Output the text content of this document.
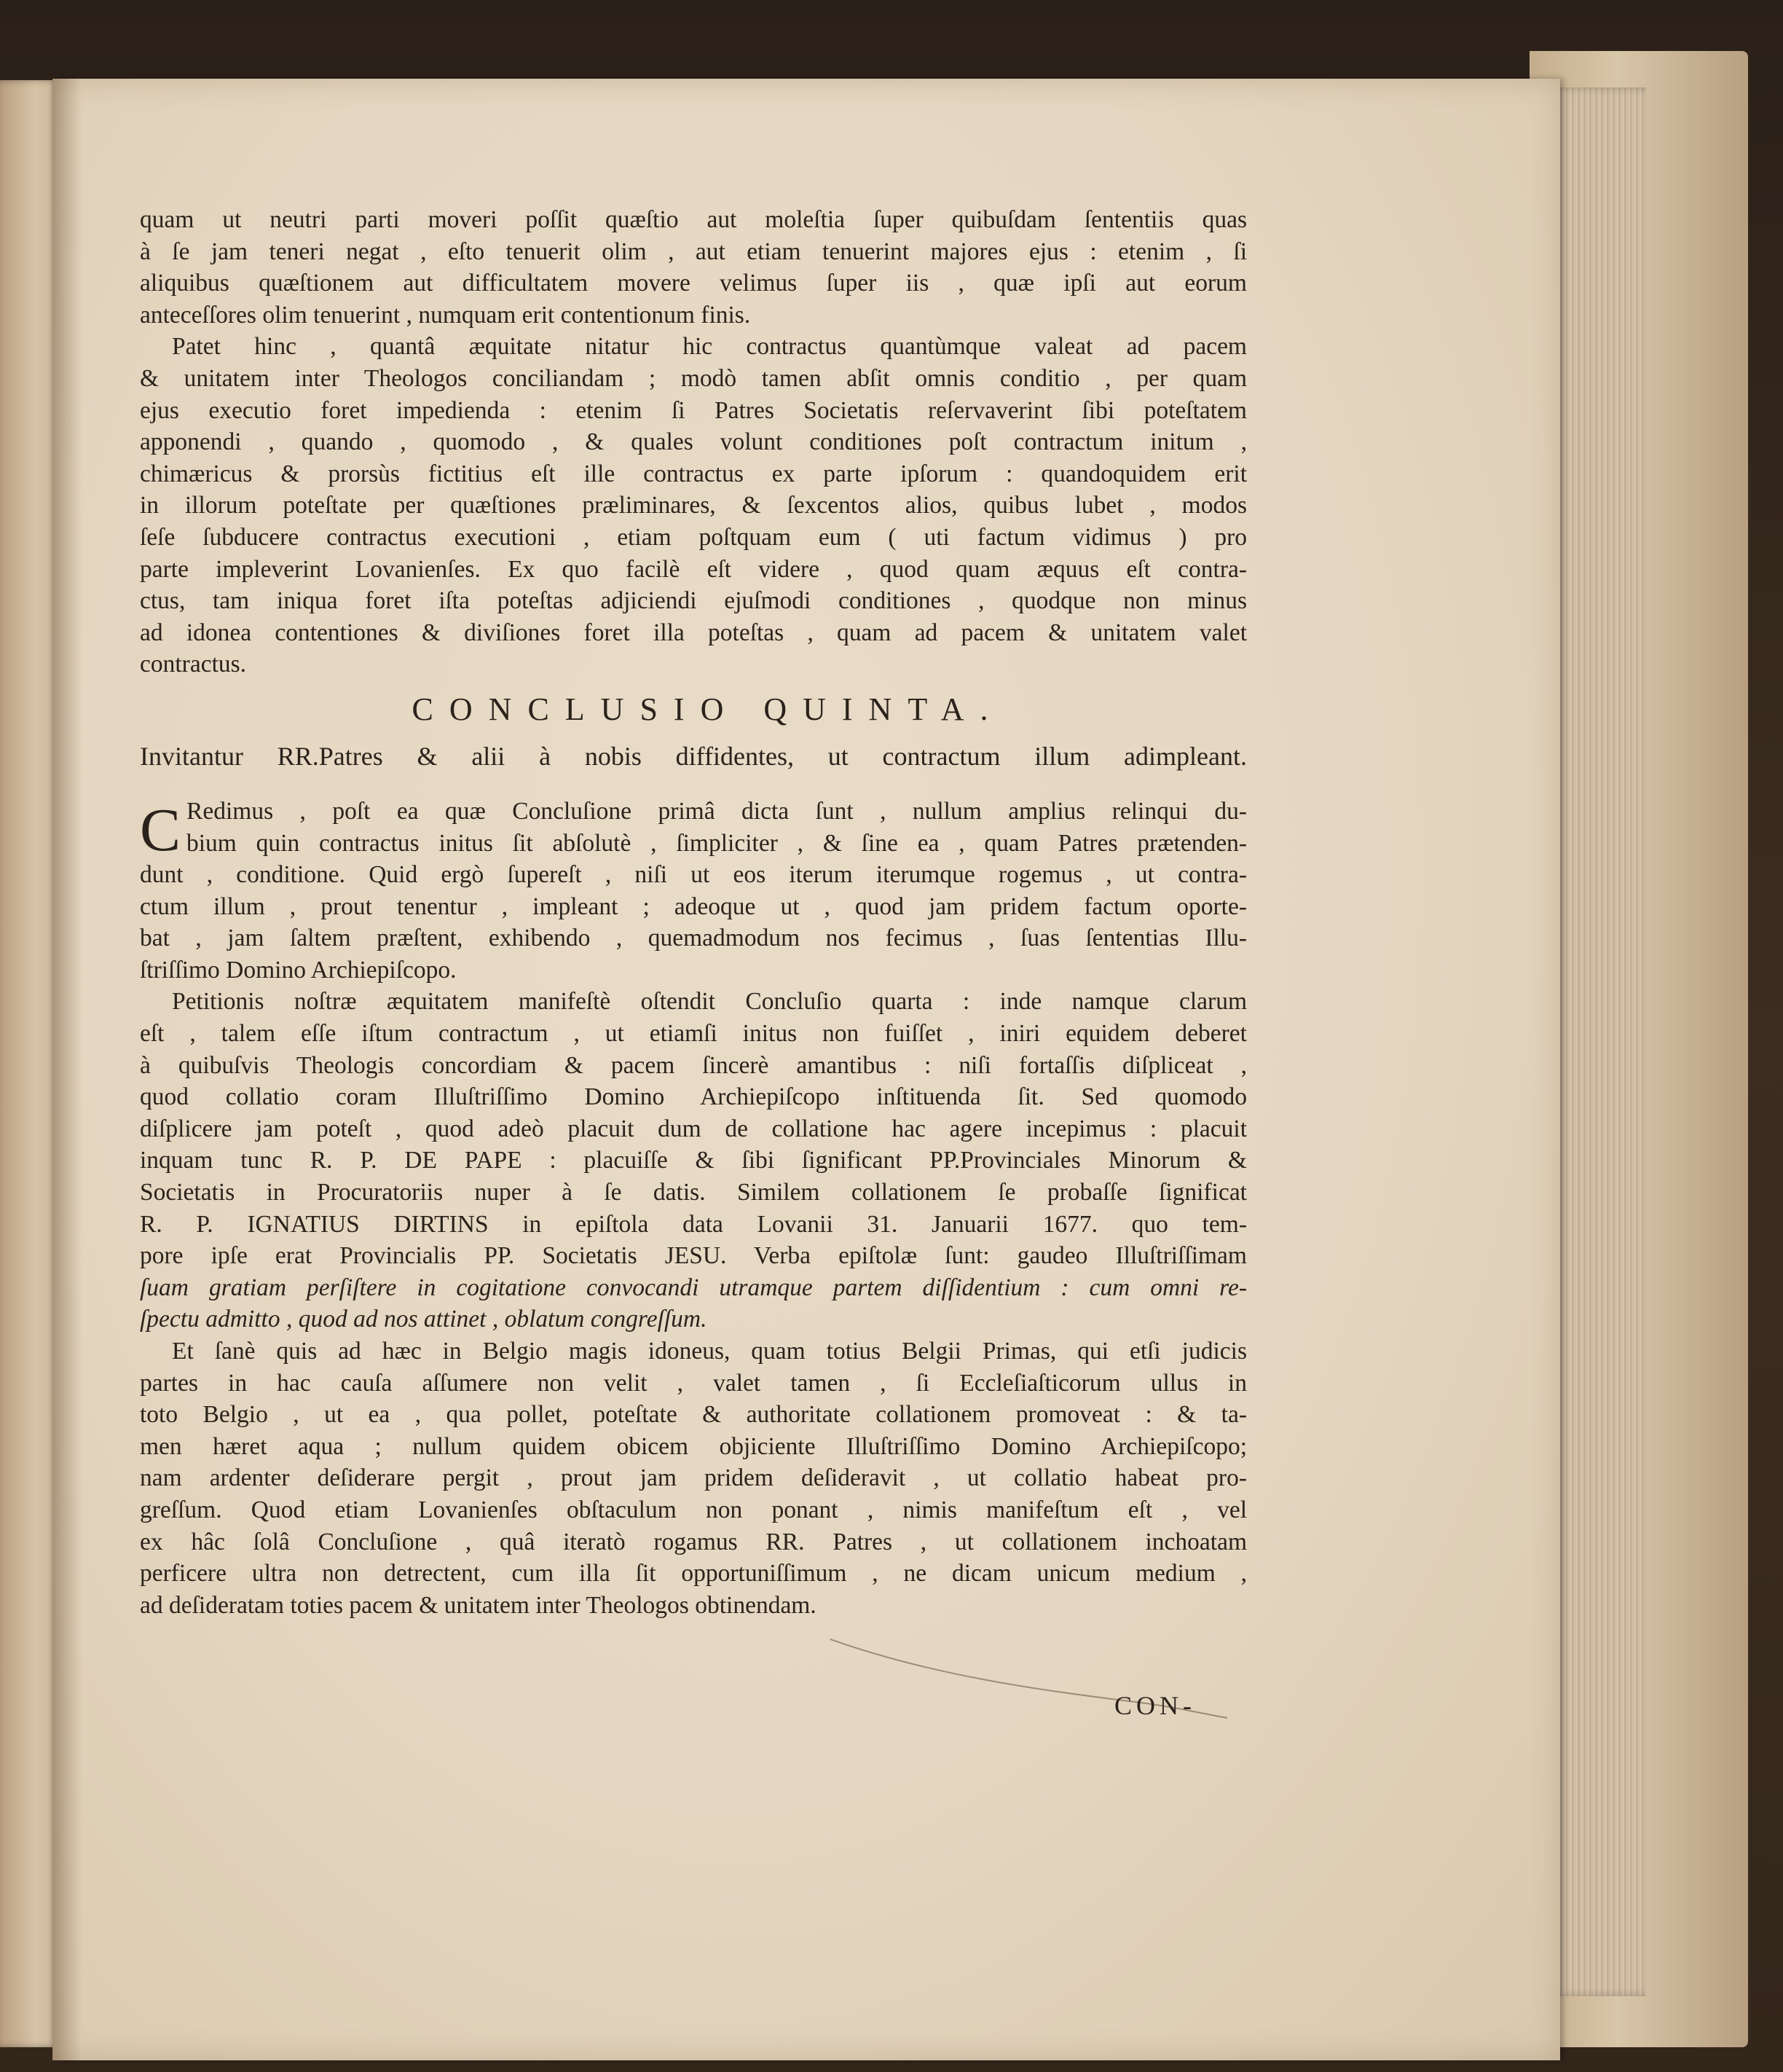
quam ut neutri parti moveri poſſit quæſtio aut moleſtia ſuper quibuſdam ſententiis quas
à ſe jam teneri negat , eſto tenuerit olim , aut etiam tenuerint majores ejus : etenim , ſi
aliquibus quæſtionem aut difficultatem movere velimus ſuper iis , quæ ipſi aut eorum
anteceſſores olim tenuerint , numquam erit contentionum finis.
Patet hinc , quantâ æquitate nitatur hic contractus quantùmque valeat ad pacem
& unitatem inter Theologos conciliandam ; modò tamen abſit omnis conditio , per quam
ejus executio foret impedienda : etenim ſi Patres Societatis reſervaverint ſibi poteſtatem
apponendi , quando , quomodo , & quales volunt conditiones poſt contractum initum ,
chimæricus & prorsùs fictitius eſt ille contractus ex parte ipſorum : quandoquidem erit
in illorum poteſtate per quæſtiones præliminares, & ſexcentos alios, quibus lubet , modos
ſeſe ſubducere contractus executioni , etiam poſtquam eum ( uti factum vidimus ) pro
parte impleverint Lovanienſes. Ex quo facilè eſt videre , quod quam æquus eſt contra-
ctus, tam iniqua foret iſta poteſtas adjiciendi ejuſmodi conditiones , quodque non minus
ad idonea contentiones & diviſiones foret illa poteſtas , quam ad pacem & unitatem valet
contractus.
CONCLUSIO QUINTA.
Invitantur RR.Patres & alii à nobis diffidentes, ut contractum illum adimpleant.
C Redimus , poſt ea quæ Concluſione primâ dicta ſunt , nullum amplius relinqui du-
bium quin contractus initus ſit abſolutè , ſimpliciter , & ſine ea , quam Patres prætenden-
dunt , conditione. Quid ergò ſupereſt , niſi ut eos iterum iterumque rogemus , ut contra-
ctum illum , prout tenentur , impleant ; adeoque ut , quod jam pridem factum oporte-
bat , jam ſaltem præſtent, exhibendo , quemadmodum nos fecimus , ſuas ſententias Illu-
ſtriſſimo Domino Archiepiſcopo.
Petitionis noſtræ æquitatem manifeſtè oſtendit Concluſio quarta : inde namque clarum
eſt , talem eſſe iſtum contractum , ut etiamſi initus non fuiſſet , iniri equidem deberet
à quibuſvis Theologis concordiam & pacem ſincerè amantibus : niſi fortaſſis diſpliceat ,
quod collatio coram Illuſtriſſimo Domino Archiepiſcopo inſtituenda ſit. Sed quomodo
diſplicere jam poteſt , quod adeò placuit dum de collatione hac agere incepimus : placuit
inquam tunc R. P. DE PAPE : placuiſſe & ſibi ſignificant PP.Provinciales Minorum &
Societatis in Procuratoriis nuper à ſe datis. Similem collationem ſe probaſſe ſignificat
R. P. IGNATIUS DIRTINS in epiſtola data Lovanii 31. Januarii 1677. quo tem-
pore ipſe erat Provincialis PP. Societatis JESU. Verba epiſtolæ ſunt: gaudeo Illuſtriſſimam
ſuam gratiam perſiſtere in cogitatione convocandi utramque partem diſſidentium : cum omni re-
ſpectu admitto , quod ad nos attinet , oblatum congreſſum.
Et ſanè quis ad hæc in Belgio magis idoneus, quam totius Belgii Primas, qui etſi judicis
partes in hac cauſa aſſumere non velit , valet tamen , ſi Eccleſiaſticorum ullus in
toto Belgio , ut ea , qua pollet, poteſtate & authoritate collationem promoveat : & ta-
men hæret aqua ; nullum quidem obicem objiciente Illuſtriſſimo Domino Archiepiſcopo;
nam ardenter deſiderare pergit , prout jam pridem deſideravit , ut collatio habeat pro-
greſſum. Quod etiam Lovanienſes obſtaculum non ponant , nimis manifeſtum eſt , vel
ex hâc ſolâ Concluſione , quâ iteratò rogamus RR. Patres , ut collationem inchoatam
perficere ultra non detrectent, cum illa ſit opportuniſſimum , ne dicam unicum medium ,
ad deſideratam toties pacem & unitatem inter Theologos obtinendam.
CON-
